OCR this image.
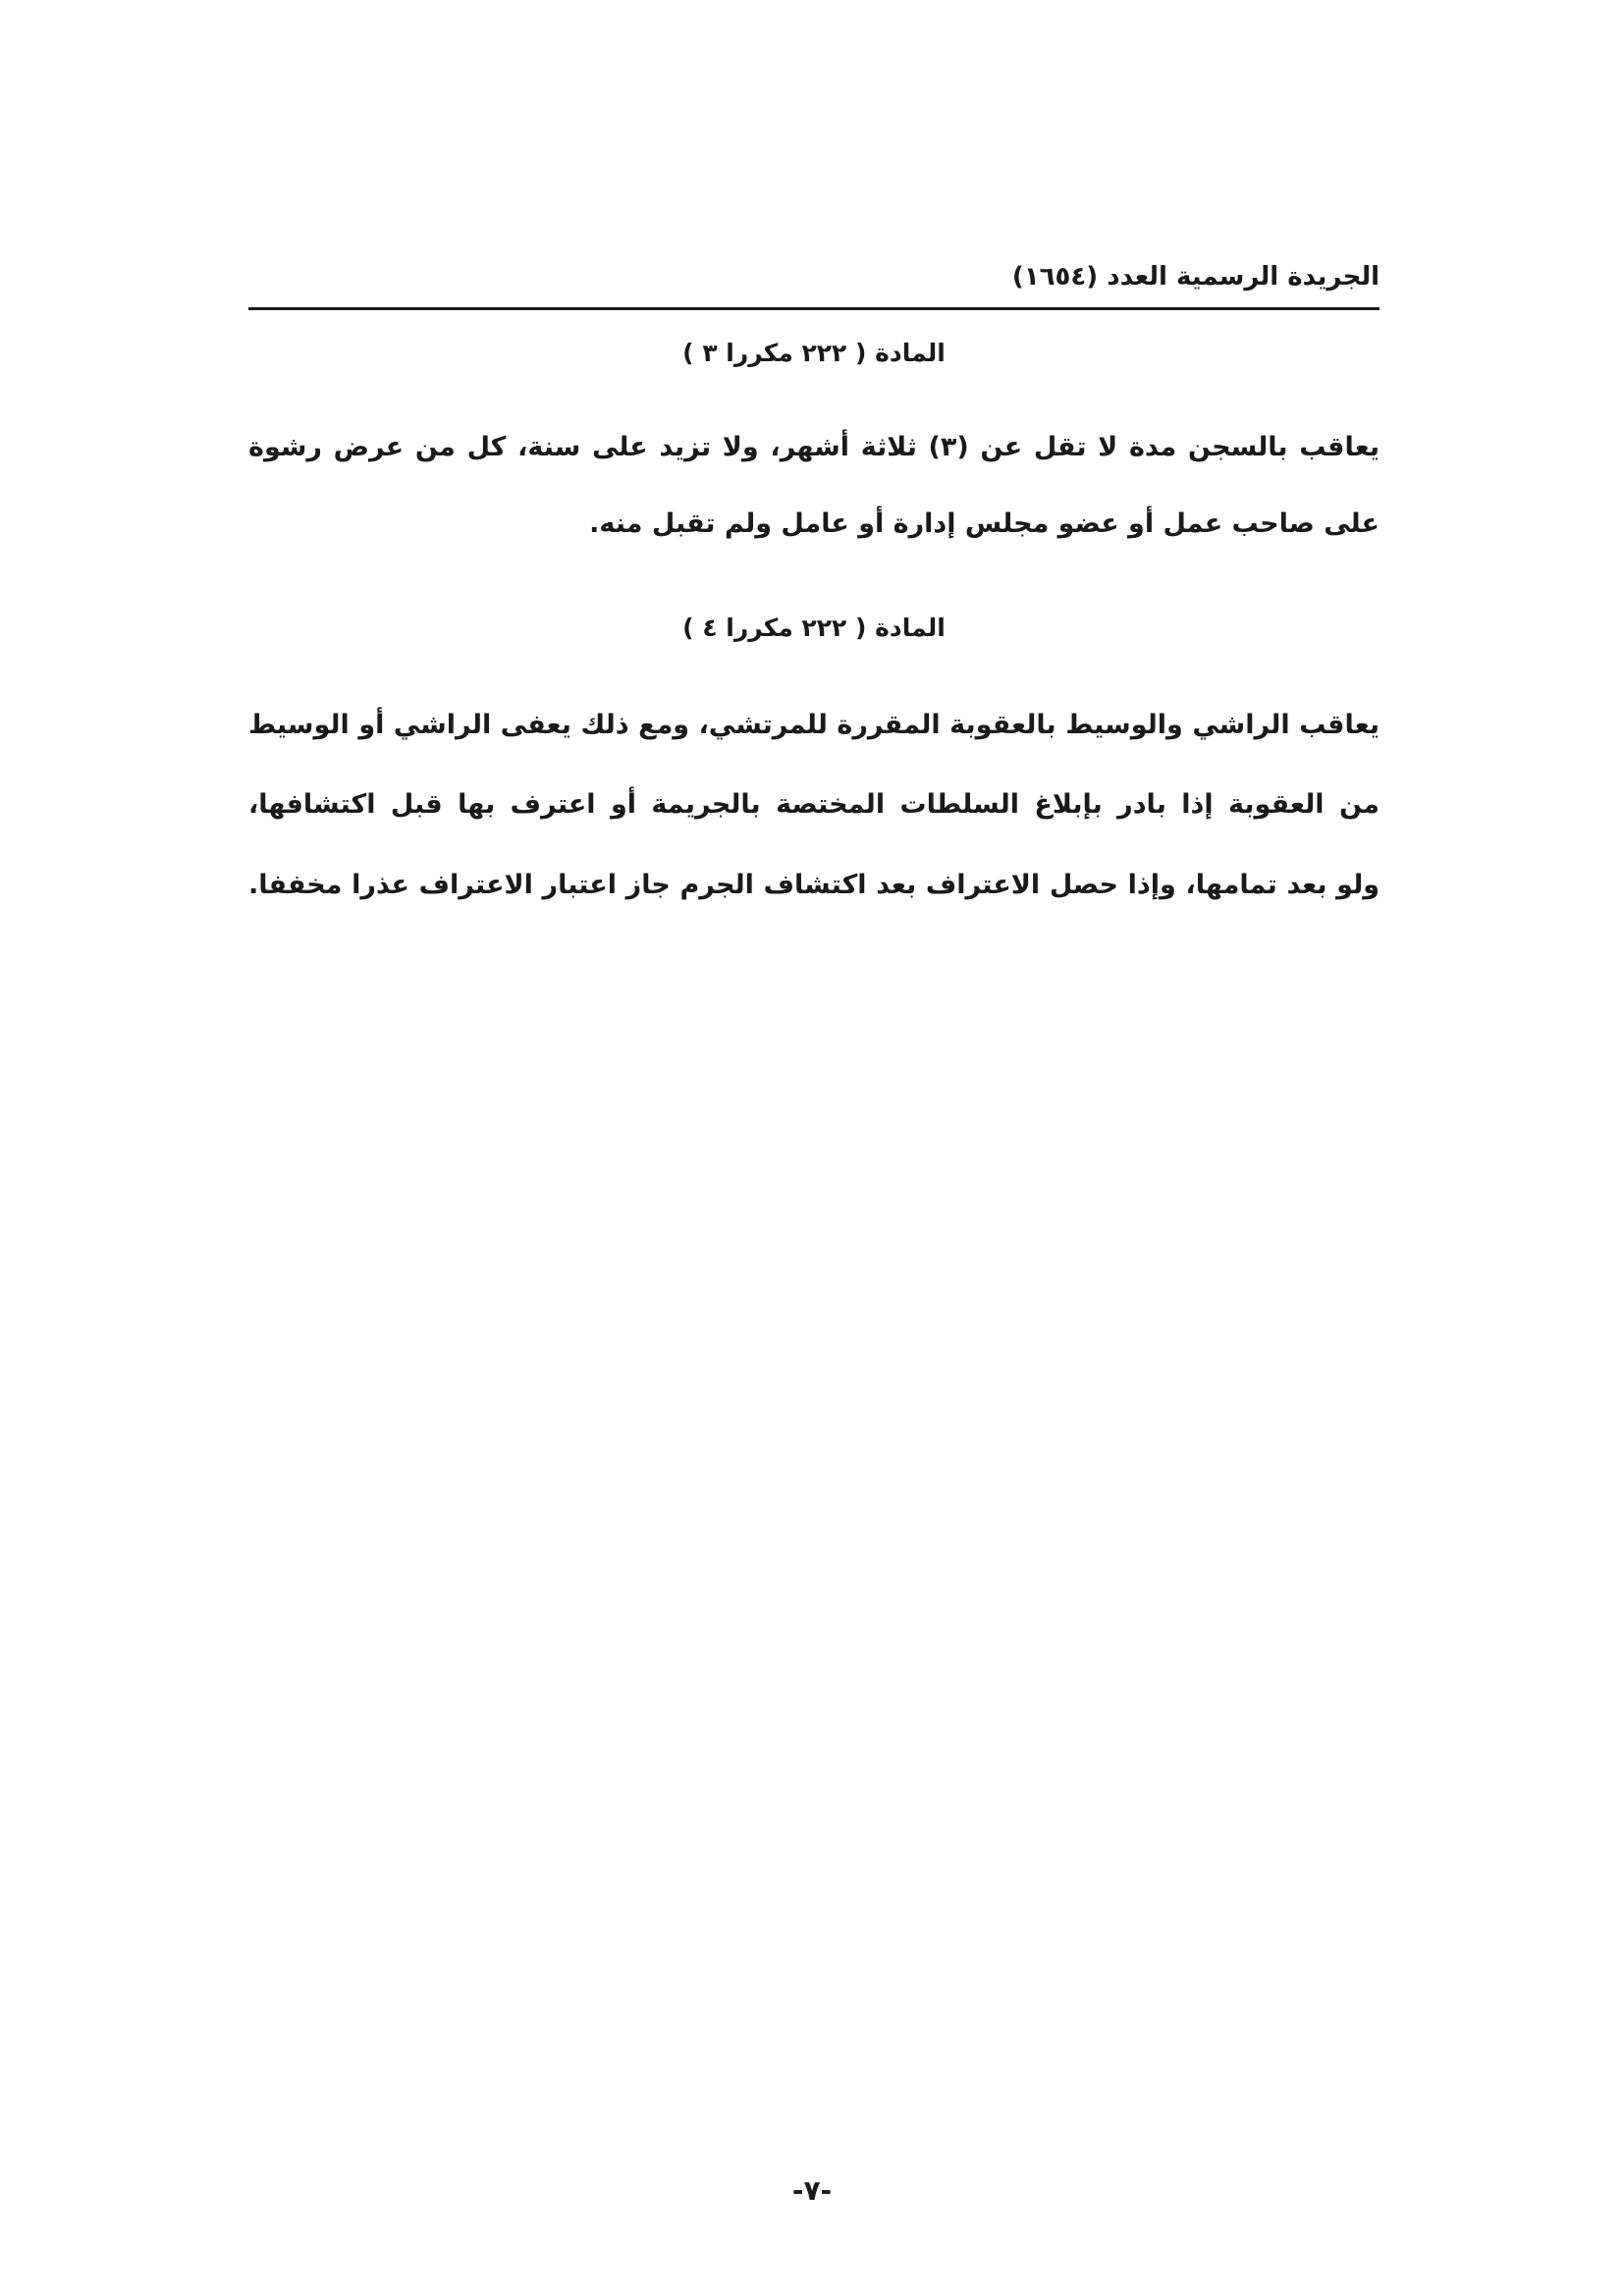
الجريدة الرسمية العدد (١٦٥٤)
المادة ( ٢٢٢ مكررا ٣ )
يعاقب بالسجن مدة لا تقل عن (٣) ثلاثة أشهر، ولا تزيد على سنة، كل من عرض رشوة
على صاحب عمل أو عضو مجلس إدارة أو عامل ولم تقبل منه.
المادة ( ٢٢٢ مكررا ٤ )
يعاقب الراشي والوسيط بالعقوبة المقررة للمرتشي، ومع ذلك يعفى الراشي أو الوسيط
من العقوبة إذا بادر بإبلاغ السلطات المختصة بالجريمة أو اعترف بها قبل اكتشافها،
ولو بعد تمامها، وإذا حصل الاعتراف بعد اكتشاف الجرم جاز اعتبار الاعتراف عذرا مخففا.
-٧-
